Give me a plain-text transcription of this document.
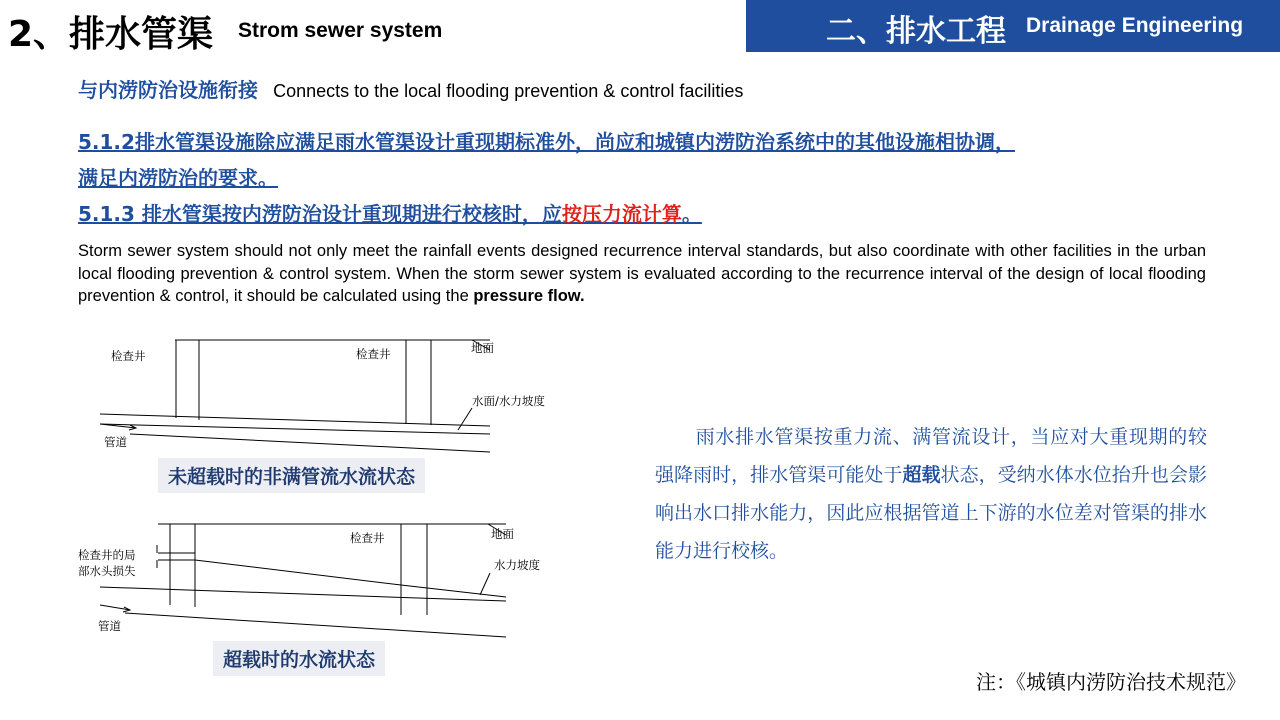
2、排水管渠 Strom sewer system	二、排水工程 Drainage Engineering
与内涝防治设施衔接 Connects to the local flooding prevention & control facilities
5.1.2排水管渠设施除应满足雨水管渠设计重现期标准外，尚应和城镇内涝防治系统中的其他设施相协调，
满足内涝防治的要求。
5.1.3 排水管渠按内涝防治设计重现期进行校核时，应按压力流计算。
Storm sewer system should not only meet the rainfall events designed recurrence interval standards, but also coordinate with other facilities in the urban local flooding prevention & control system. When the storm sewer system is evaluated according to the recurrence interval of the design of local flooding prevention & control, it should be calculated using the pressure flow.
检查井	检查井	地面
水面/水力坡度
管道
未超载时的非满管流水流状态
检查井的局
部水头损失
检查井	地面
水力坡度
管道
超载时的水流状态
雨水排水管渠按重力流、满管流设计，当应对大重现期的较强降雨时，排水管渠可能处于超载状态，受纳水体水位抬升也会影响出水口排水能力，因此应根据管道上下游的水位差对管渠的排水能力进行校核。
注：《城镇内涝防治技术规范》
